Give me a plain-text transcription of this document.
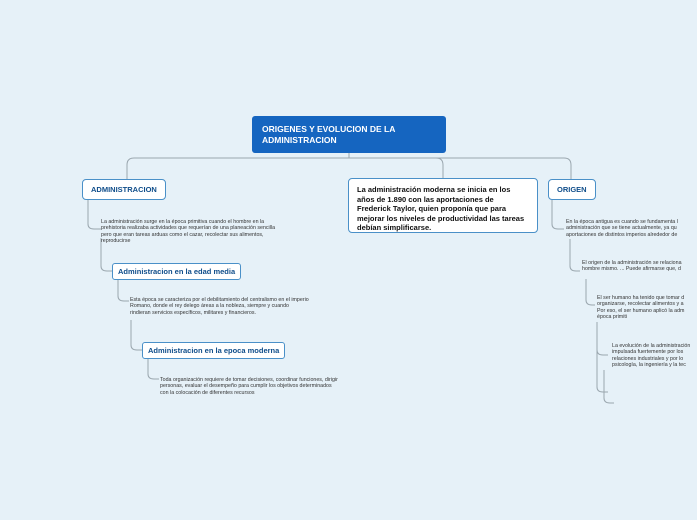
ORIGENES Y EVOLUCION DE LA ADMINISTRACION
ADMINISTRACION
La administración surge en la época primitiva cuando el hombre en la prehistoria realizaba actividades que requerían de una planeación sencilla pero que eran tareas arduas como el cazar, recolectar sus alimentos, reproducirse
Administracion en la edad media
Esta época se caracteriza por el debilitamiento del centralismo en el imperio Romano, donde el rey delego áreas a la nobleza, siempre y cuando rindieran servicios específicos, militares y financieros.
Administracion en la epoca moderna
Toda organización requiere de tomar decisiones, coordinar funciones, dirigir personas, evaluar el desempeño para cumplir los objetivos determinados con la colocación de diferentes recursos
La administración moderna se inicia en los años de 1.890 con las aportaciones de Frederick Taylor, quien proponía que para mejorar los niveles de productividad las tareas debían simplificarse.
ORIGEN
En la época antigua es cuando se fundamenta l
administración que se tiene actualmente, ya qu
aportaciones de distintos imperios alrededor de
El origen de la administración se relaciona
hombre mismo. ... Puede afirmarse que, d
El ser humano ha tenido que tomar d
organizarse, recolectar alimentos y a
Por eso, el ser humano aplicó la adm
época primiti
La evolución de la administración
impulsada fuertemente por los
relaciones industriales y por lo
psicología, la ingeniería y la tec
